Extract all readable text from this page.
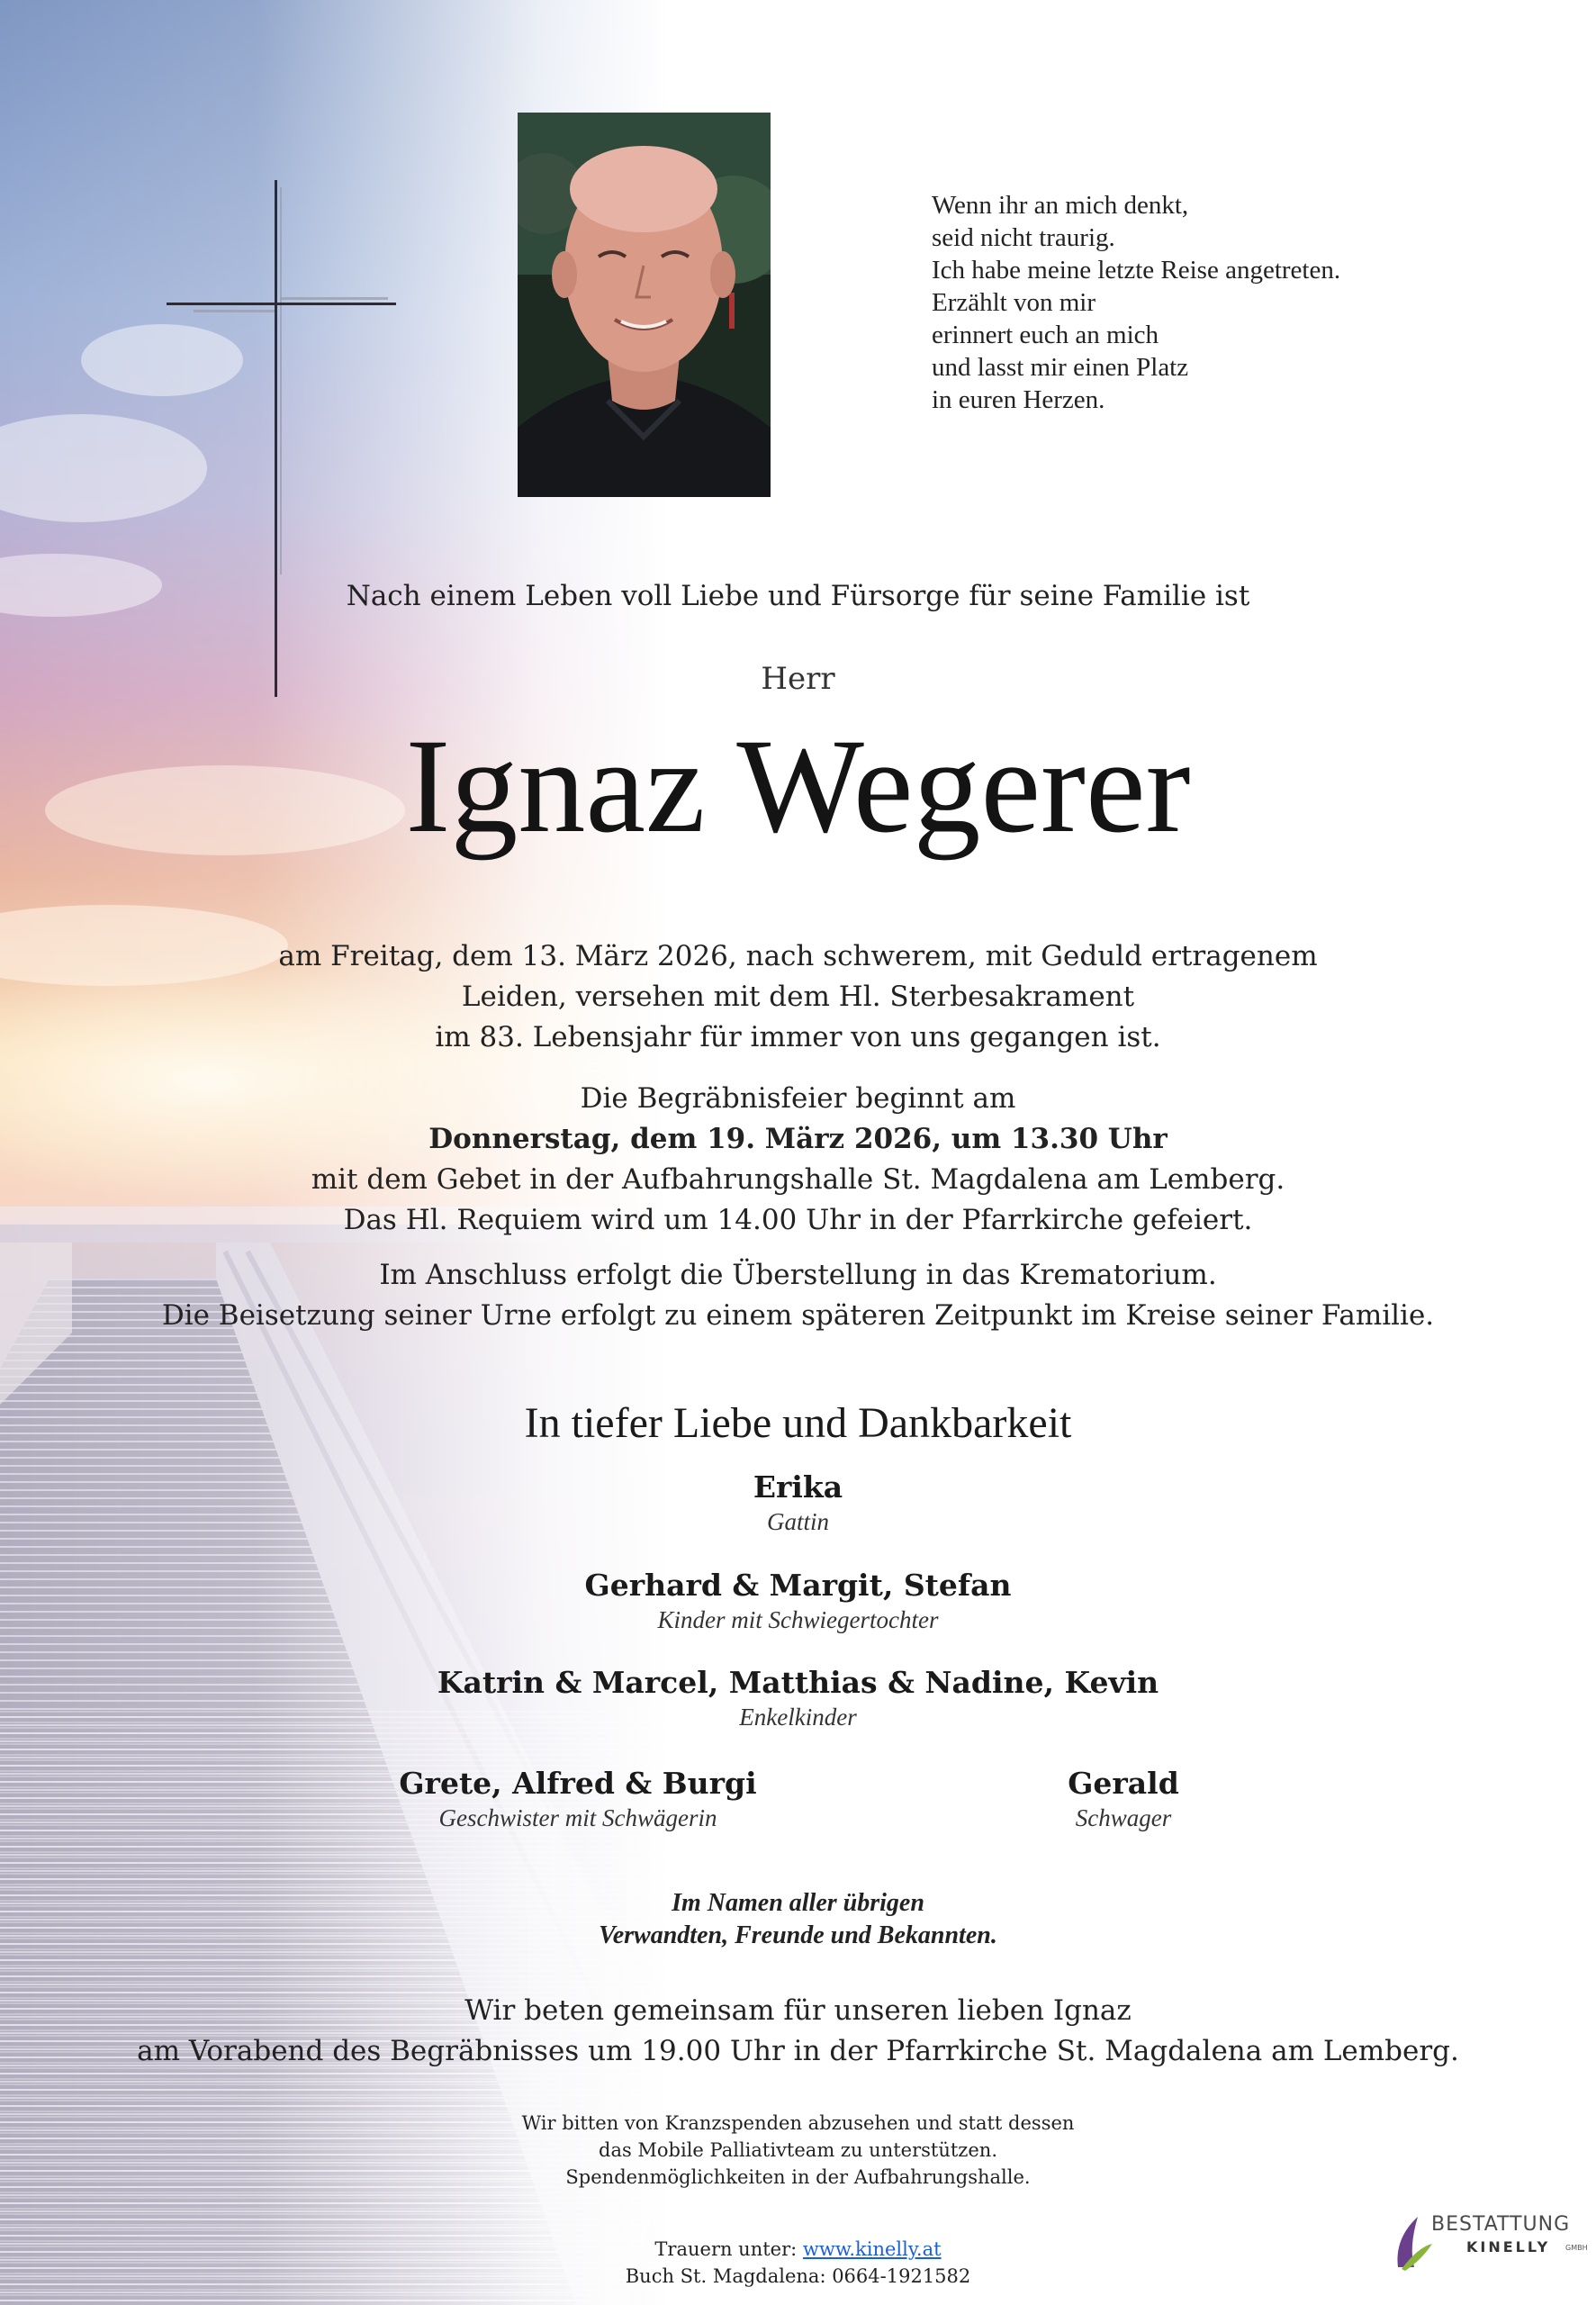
Wenn ihr an mich denkt,
seid nicht traurig.
Ich habe meine letzte Reise angetreten.
Erzählt von mir
erinnert euch an mich
und lasst mir einen Platz
in euren Herzen.
Nach einem Leben voll Liebe und Fürsorge für seine Familie ist
Herr
Ignaz Wegerer
am Freitag, dem 13. März 2026, nach schwerem, mit Geduld ertragenem
Leiden, versehen mit dem Hl. Sterbesakrament
im 83. Lebensjahr für immer von uns gegangen ist.
Die Begräbnisfeier beginnt am
Donnerstag, dem 19. März 2026, um 13.30 Uhr
mit dem Gebet in der Aufbahrungshalle St. Magdalena am Lemberg.
Das Hl. Requiem wird um 14.00 Uhr in der Pfarrkirche gefeiert.
Im Anschluss erfolgt die Überstellung in das Krematorium.
Die Beisetzung seiner Urne erfolgt zu einem späteren Zeitpunkt im Kreise seiner Familie.
In tiefer Liebe und Dankbarkeit
Erika
Gattin
Gerhard & Margit, Stefan
Kinder mit Schwiegertochter
Katrin & Marcel, Matthias & Nadine, Kevin
Enkelkinder
Grete, Alfred & Burgi
Geschwister mit Schwägerin
Gerald
Schwager
Im Namen aller übrigen
Verwandten, Freunde und Bekannten.
Wir beten gemeinsam für unseren lieben Ignaz
am Vorabend des Begräbnisses um 19.00 Uhr in der Pfarrkirche St. Magdalena am Lemberg.
Wir bitten von Kranzspenden abzusehen und statt dessen
das Mobile Palliativteam zu unterstützen.
Spendenmöglichkeiten in der Aufbahrungshalle.
Trauern unter: www.kinelly.at
Buch St. Magdalena: 0664-1921582
BESTATTUNG
KINELLY GMBH
